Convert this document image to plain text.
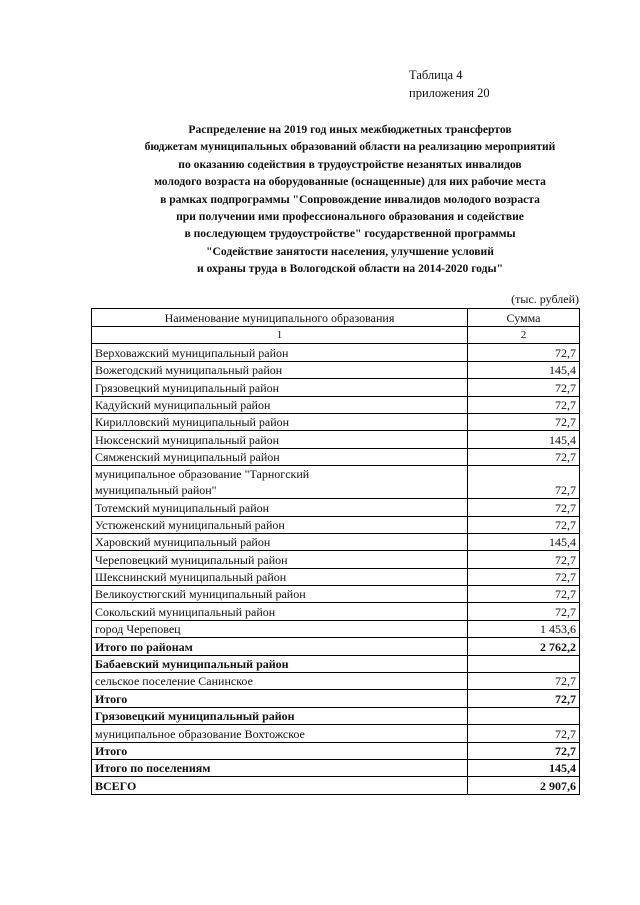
Таблица 4
приложения 20
Распределение на 2019 год иных межбюджетных трансфертов
бюджетам муниципальных образований области на реализацию мероприятий
по оказанию содействия в трудоустройстве незанятых инвалидов
молодого возраста на оборудованные (оснащенные) для них рабочие места
в рамках подпрограммы "Сопровождение инвалидов молодого возраста
при получении ими профессионального образования и содействие
в последующем трудоустройстве" государственной программы
"Содействие занятости населения, улучшение условий
и охраны труда в Вологодской области на 2014-2020 годы"
(тыс. рублей)
Наименование муниципального образования	Сумма
1	2
Верховажский муниципальный район	72,7
Вожегодский муниципальный район	145,4
Грязовецкий муниципальный район	72,7
Кадуйский муниципальный район	72,7
Кирилловский муниципальный район	72,7
Нюксенский муниципальный район	145,4
Сямженский муниципальный район	72,7

муниципальное образование "Тарногский
муниципальный район"	72,7
Тотемский муниципальный район	72,7
Устюженский муниципальный район	72,7
Харовский муниципальный район	145,4
Череповецкий муниципальный район	72,7
Шекснинский муниципальный район	72,7
Великоустюгский муниципальный район	72,7
Сокольский муниципальный район	72,7
город Череповец	1 453,6
Итого по районам	2 762,2
Бабаевский муниципальный район	
сельское поселение Санинское	72,7
Итого	72,7
Грязовецкий муниципальный район	
муниципальное образование Вохтожское	72,7
Итого	72,7
Итого по поселениям	145,4
ВСЕГО	2 907,6
